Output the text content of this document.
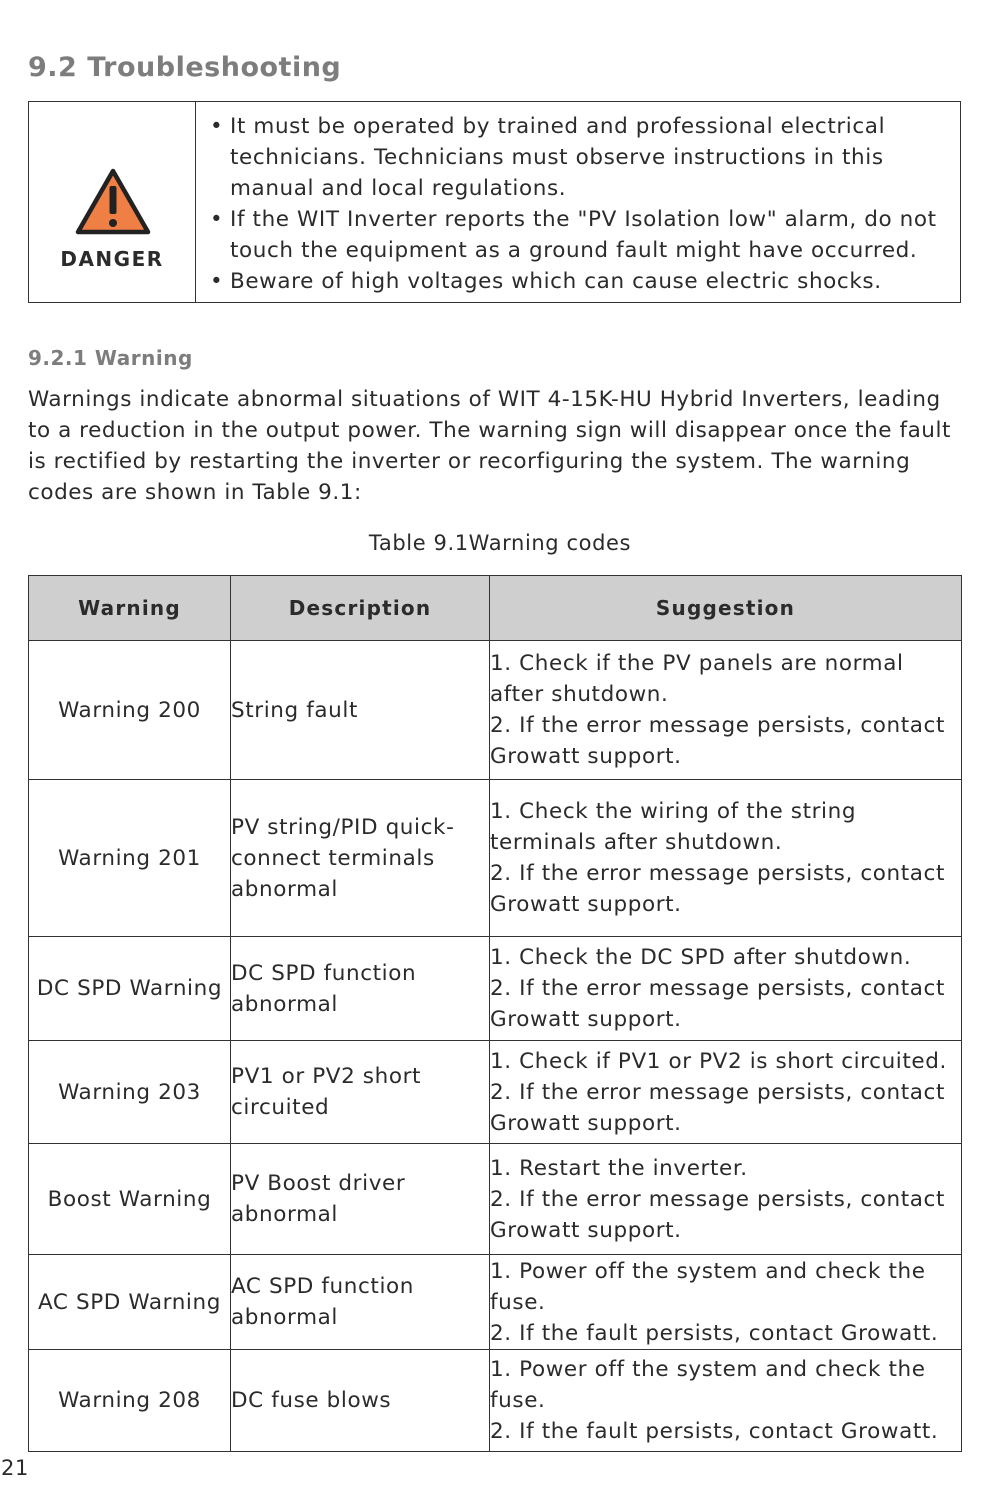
9.2 Troubleshooting
DANGER
• It must be operated by trained and professional electrical technicians. Technicians must observe instructions in this manual and local regulations.
• If the WIT Inverter reports the "PV Isolation low" alarm, do not touch the equipment as a ground fault might have occurred.
• Beware of high voltages which can cause electric shocks.
9.2.1 Warning

Warnings indicate abnormal situations of WIT 4-15K-HU Hybrid Inverters, leading to a reduction in the output power. The warning sign will disappear once the fault is rectified by restarting the inverter or recorfiguring the system. The warning codes are shown in Table 9.1:

Table 9.1Warning codes
Warning	Description	Suggestion
Warning 200	String fault	1. Check if the PV panels are normal after shutdown.
2. If the error message persists, contact Growatt support.
Warning 201	PV string/PID quick-connect terminals abnormal	1. Check the wiring of the string terminals after shutdown.
2. If the error message persists, contact Growatt support.
DC SPD Warning	DC SPD function abnormal	1. Check the DC SPD after shutdown.
2. If the error message persists, contact Growatt support.
Warning 203	PV1 or PV2 short circuited	1. Check if PV1 or PV2 is short circuited.
2. If the error message persists, contact Growatt support.
Boost Warning	PV Boost driver abnormal	1. Restart the inverter.
2. If the error message persists, contact Growatt support.
AC SPD Warning	AC SPD function abnormal	1. Power off the system and check the fuse.
2. If the fault persists, contact Growatt.
Warning 208	DC fuse blows	1. Power off the system and check the fuse.
2. If the fault persists, contact Growatt.
21
